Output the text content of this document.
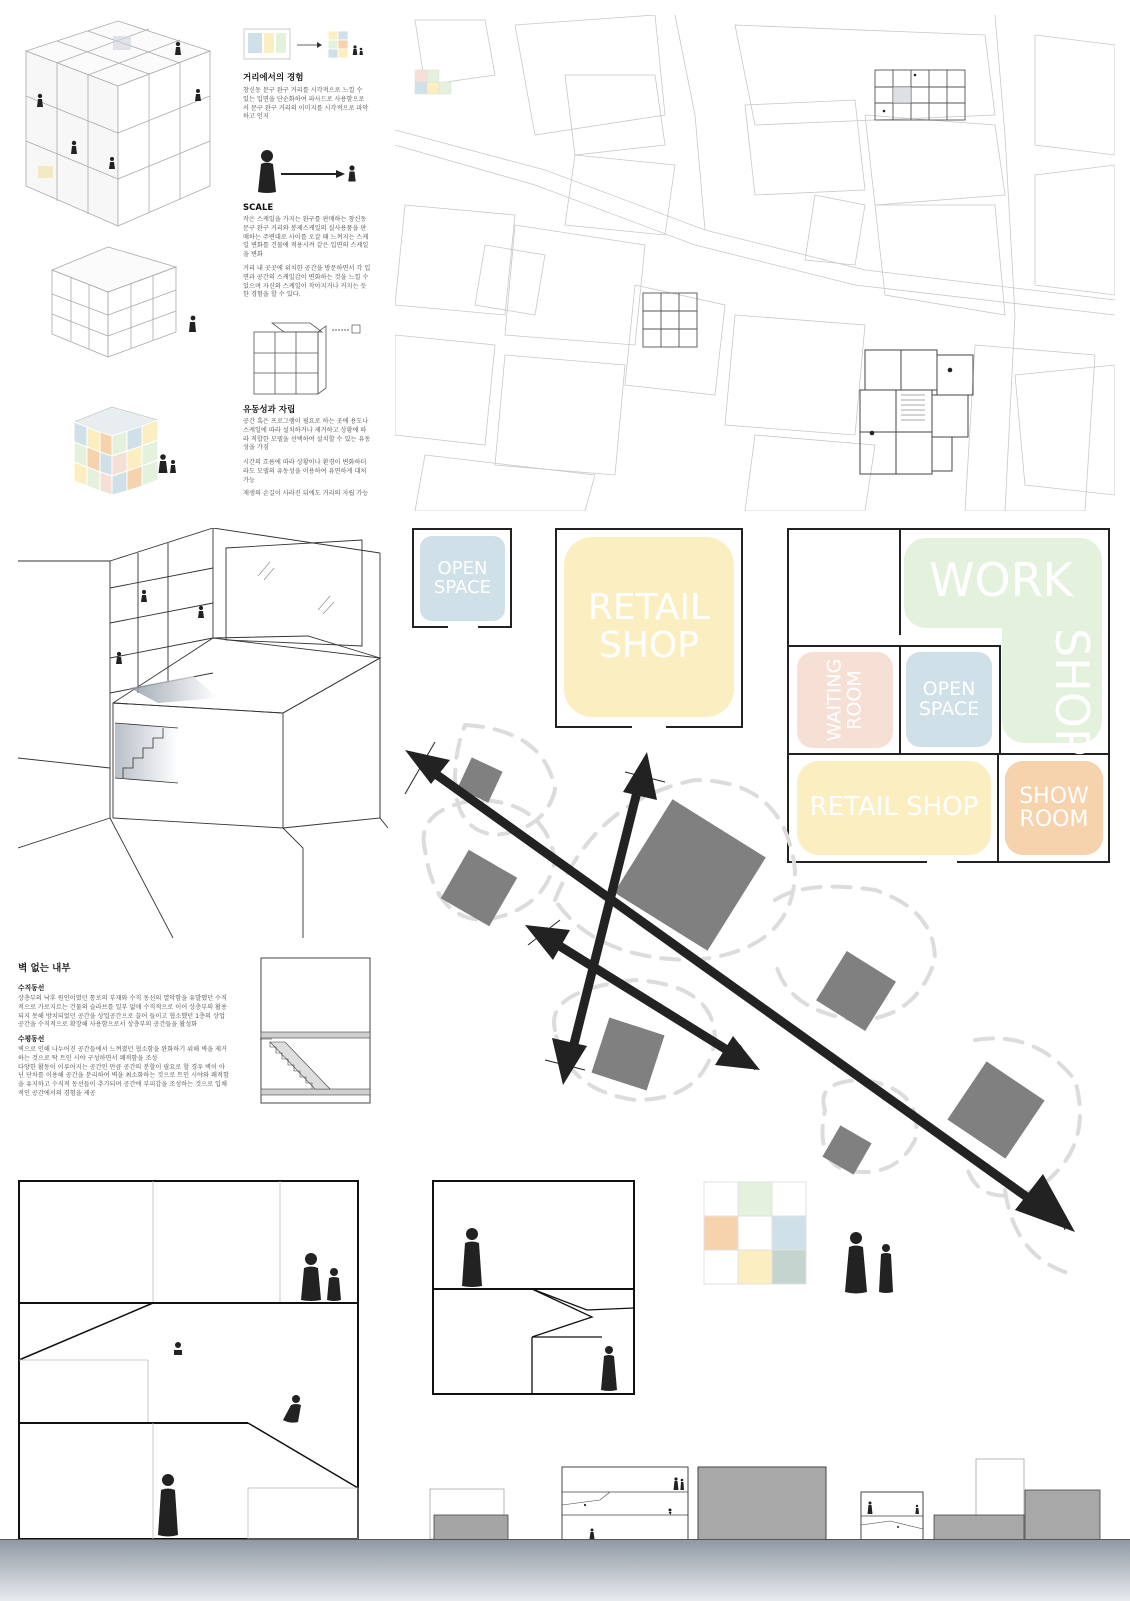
거리에서의 경험
창신동 문구 완구 거리를 시각적으로 느낄 수
있는 입면을 단순화하여 파사드로 사용함으로
서 문구 완구 거리의 이미지를 시각적으로 파악
하고 인지
SCALE
작은 스케일을 가지는 완구를 판매하는 창신동
문구 완구 거리와 봉제스케일의 실사용품을 판
매하는 주변대로 사이를 오갈 때 느껴지는 스케
일 변화를 건물에 적용시켜 같은 입면의 스케일
을 변화
거리 내 곳곳에 위치한 공간을 방문하면서 각 입
면과 공간의 스케일감이 변화하는 것을 느낄 수
있으며 자신의 스케일이 작아지거나 커지는 듯
한 경험을 할 수 있다.
유동성과 자립
공간 혹은 프로그램이 필요로 하는 곳에 용도나
스케일에 따라 설치하거나 제거하고 상황에 따
라 적합한 모델을 선택하여 설치할 수 있는 유동
성을 가짐
시간의 흐름에 따라 상황이나 환경이 변화하더
라도 모델의 유동성을 이용하여 유연하게 대처
가능
재생의 손길이 사라진 뒤에도 거리의 자립 가능
OPEN
SPACE
RETAIL
SHOP
WORK
SHOP
WAITING
ROOM	OPEN
SPACE
RETAIL SHOP	SHOW
ROOM
벽 없는 내부
수직동선
상층부의 낙후 원인이였던 통로의 부재와 수직 동선의 열악함을 유발했던 수직
적으로 가로지르는 건물의 슬라브를 일부 없애 수직적으로 이어 상층부의 활용
되지 못해 방치되었던 공간을 상업공간으로 끌어 들이고 협소했던 1층의 상업
공간을 수직적으로 확장해 사용함으로서 상층부의 공간들을 활성화
수평동선
벽으로 인해 나누어진 공간들에서 느껴졌던 협소함을 완화하기 위해 벽을 제거
하는 것으로 탁 트인 시야 구성하면서 쾌적함을 조성
다양한 활동이 이루어지는 공간인 만큼 공간의 분할이 필요로 할 경우 벽이 아
닌 단차를 이용해 공간을 분리하여 벽을 최소화하는 것으로 트인 시야와 쾌적함
을 유지하고 수직적 동선들이 추가되며 공간에 부피감을 조성하는 것으로 입체
적인 공간에서의 경험을 제공
